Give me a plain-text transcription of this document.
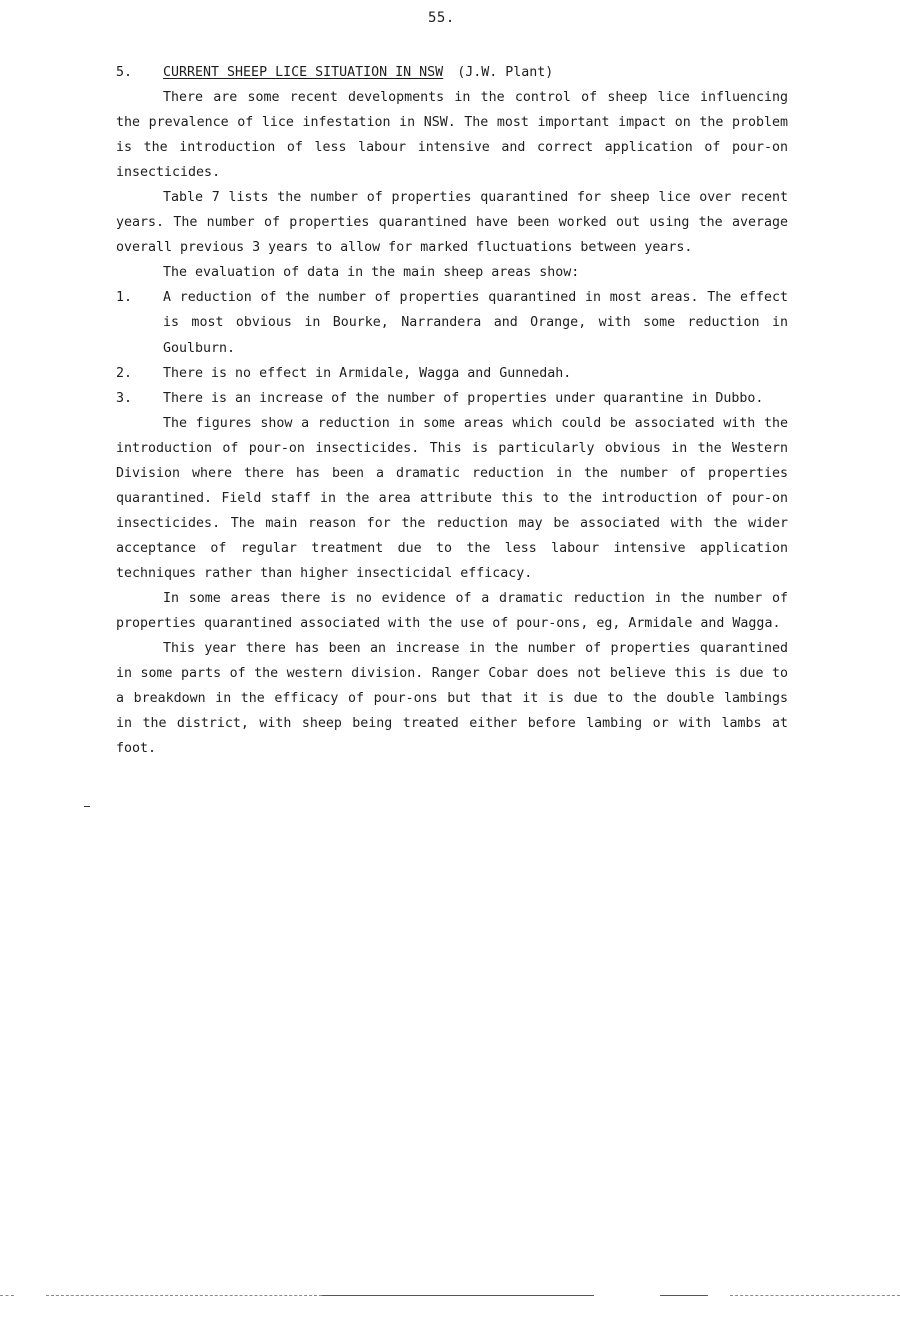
55.
5.	CURRENT SHEEP LICE SITUATION IN NSW (J.W. Plant)

There are some recent developments in the control of sheep lice influencing the prevalence of lice infestation in NSW. The most important impact on the problem is the introduction of less labour intensive and correct application of pour-on insecticides.

Table 7 lists the number of properties quarantined for sheep lice over recent years. The number of properties quarantined have been worked out using the average overall previous 3 years to allow for marked fluctuations between years.

The evaluation of data in the main sheep areas show:

1.	A reduction of the number of properties quarantined in most areas. The effect is most obvious in Bourke, Narrandera and Orange, with some reduction in Goulburn.
2.	There is no effect in Armidale, Wagga and Gunnedah.
3.	There is an increase of the number of properties under quarantine in Dubbo.

The figures show a reduction in some areas which could be associated with the introduction of pour-on insecticides. This is particularly obvious in the Western Division where there has been a dramatic reduction in the number of properties quarantined. Field staff in the area attribute this to the introduction of pour-on insecticides. The main reason for the reduction may be associated with the wider acceptance of regular treatment due to the less labour intensive application techniques rather than higher insecticidal efficacy.

In some areas there is no evidence of a dramatic reduction in the number of properties quarantined associated with the use of pour-ons, eg, Armidale and Wagga.

This year there has been an increase in the number of properties quarantined in some parts of the western division. Ranger Cobar does not believe this is due to a breakdown in the efficacy of pour-ons but that it is due to the double lambings in the district, with sheep being treated either before lambing or with lambs at foot.
